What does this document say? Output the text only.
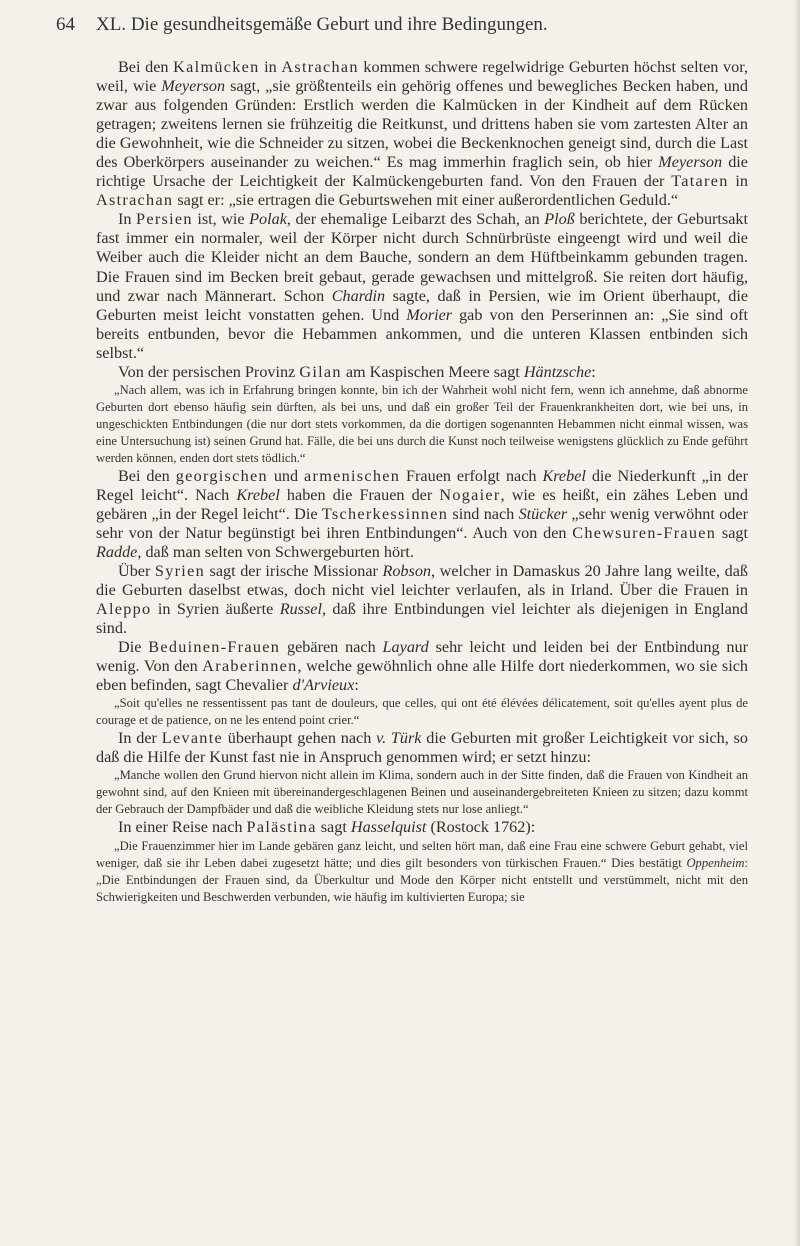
64 XL. Die gesundheitsgemäße Geburt und ihre Bedingungen.

Bei den Kalmücken in Astrachan kommen schwere regelwidrige Geburten höchst selten vor, weil, wie Meyerson sagt, „sie größtenteils ein gehörig offenes und bewegliches Becken haben, und zwar aus folgenden Gründen: Erstlich werden die Kalmücken in der Kindheit auf dem Rücken getragen; zweitens lernen sie frühzeitig die Reitkunst, und drittens haben sie vom zartesten Alter an die Gewohnheit, wie die Schneider zu sitzen, wobei die Beckenknochen geneigt sind, durch die Last des Oberkörpers auseinander zu weichen.“ Es mag immerhin fraglich sein, ob hier Meyerson die richtige Ursache der Leichtigkeit der Kalmückengeburten fand. Von den Frauen der Tataren in Astrachan sagt er: „sie ertragen die Geburtswehen mit einer außerordentlichen Geduld.“

In Persien ist, wie Polak, der ehemalige Leibarzt des Schah, an Ploß berichtete, der Geburtsakt fast immer ein normaler, weil der Körper nicht durch Schnürbrüste eingeengt wird und weil die Weiber auch die Kleider nicht an dem Bauche, sondern an dem Hüftbeinkamm gebunden tragen. Die Frauen sind im Becken breit gebaut, gerade gewachsen und mittelgroß. Sie reiten dort häufig, und zwar nach Männerart. Schon Chardin sagte, daß in Persien, wie im Orient überhaupt, die Geburten meist leicht vonstatten gehen. Und Morier gab von den Perserinnen an: „Sie sind oft bereits entbunden, bevor die Hebammen ankommen, und die unteren Klassen entbinden sich selbst.“

Von der persischen Provinz Gilan am Kaspischen Meere sagt Häntzsche:

„Nach allem, was ich in Erfahrung bringen konnte, bin ich der Wahrheit wohl nicht fern, wenn ich annehme, daß abnorme Geburten dort ebenso häufig sein dürften, als bei uns, und daß ein großer Teil der Frauenkrankheiten dort, wie bei uns, in ungeschickten Entbindungen (die nur dort stets vorkommen, da die dortigen sogenannten Hebammen nicht einmal wissen, was eine Untersuchung ist) seinen Grund hat. Fälle, die bei uns durch die Kunst noch teilweise wenigstens glücklich zu Ende geführt werden können, enden dort stets tödlich.“

Bei den georgischen und armenischen Frauen erfolgt nach Krebel die Niederkunft „in der Regel leicht“. Nach Krebel haben die Frauen der Nogaier, wie es heißt, ein zähes Leben und gebären „in der Regel leicht“. Die Tscherkessinnen sind nach Stücker „sehr wenig verwöhnt oder sehr von der Natur begünstigt bei ihren Entbindungen“. Auch von den Chewsuren-Frauen sagt Radde, daß man selten von Schwergeburten hört.

Über Syrien sagt der irische Missionar Robson, welcher in Damaskus 20 Jahre lang weilte, daß die Geburten daselbst etwas, doch nicht viel leichter verlaufen, als in Irland. Über die Frauen in Aleppo in Syrien äußerte Russel, daß ihre Entbindungen viel leichter als diejenigen in England sind.

Die Beduinen-Frauen gebären nach Layard sehr leicht und leiden bei der Entbindung nur wenig. Von den Araberinnen, welche gewöhnlich ohne alle Hilfe dort niederkommen, wo sie sich eben befinden, sagt Chevalier d'Arvieux:

„Soit qu'elles ne ressentissent pas tant de douleurs, que celles, qui ont été élévées délicatement, soit qu'elles ayent plus de courage et de patience, on ne les entend point crier.“

In der Levante überhaupt gehen nach v. Türk die Geburten mit großer Leichtigkeit vor sich, so daß die Hilfe der Kunst fast nie in Anspruch genommen wird; er setzt hinzu:

„Manche wollen den Grund hiervon nicht allein im Klima, sondern auch in der Sitte finden, daß die Frauen von Kindheit an gewohnt sind, auf den Knieen mit übereinandergeschlagenen Beinen und auseinandergebreiteten Knieen zu sitzen; dazu kommt der Gebrauch der Dampfbäder und daß die weibliche Kleidung stets nur lose anliegt.“

In einer Reise nach Palästina sagt Hasselquist (Rostock 1762):

„Die Frauenzimmer hier im Lande gebären ganz leicht, und selten hört man, daß eine Frau eine schwere Geburt gehabt, viel weniger, daß sie ihr Leben dabei zugesetzt hätte; und dies gilt besonders von türkischen Frauen.“ Dies bestätigt Oppenheim: „Die Entbindungen der Frauen sind, da Überkultur und Mode den Körper nicht entstellt und verstümmelt, nicht mit den Schwierigkeiten und Beschwerden verbunden, wie häufig im kultivierten Europa; sie
